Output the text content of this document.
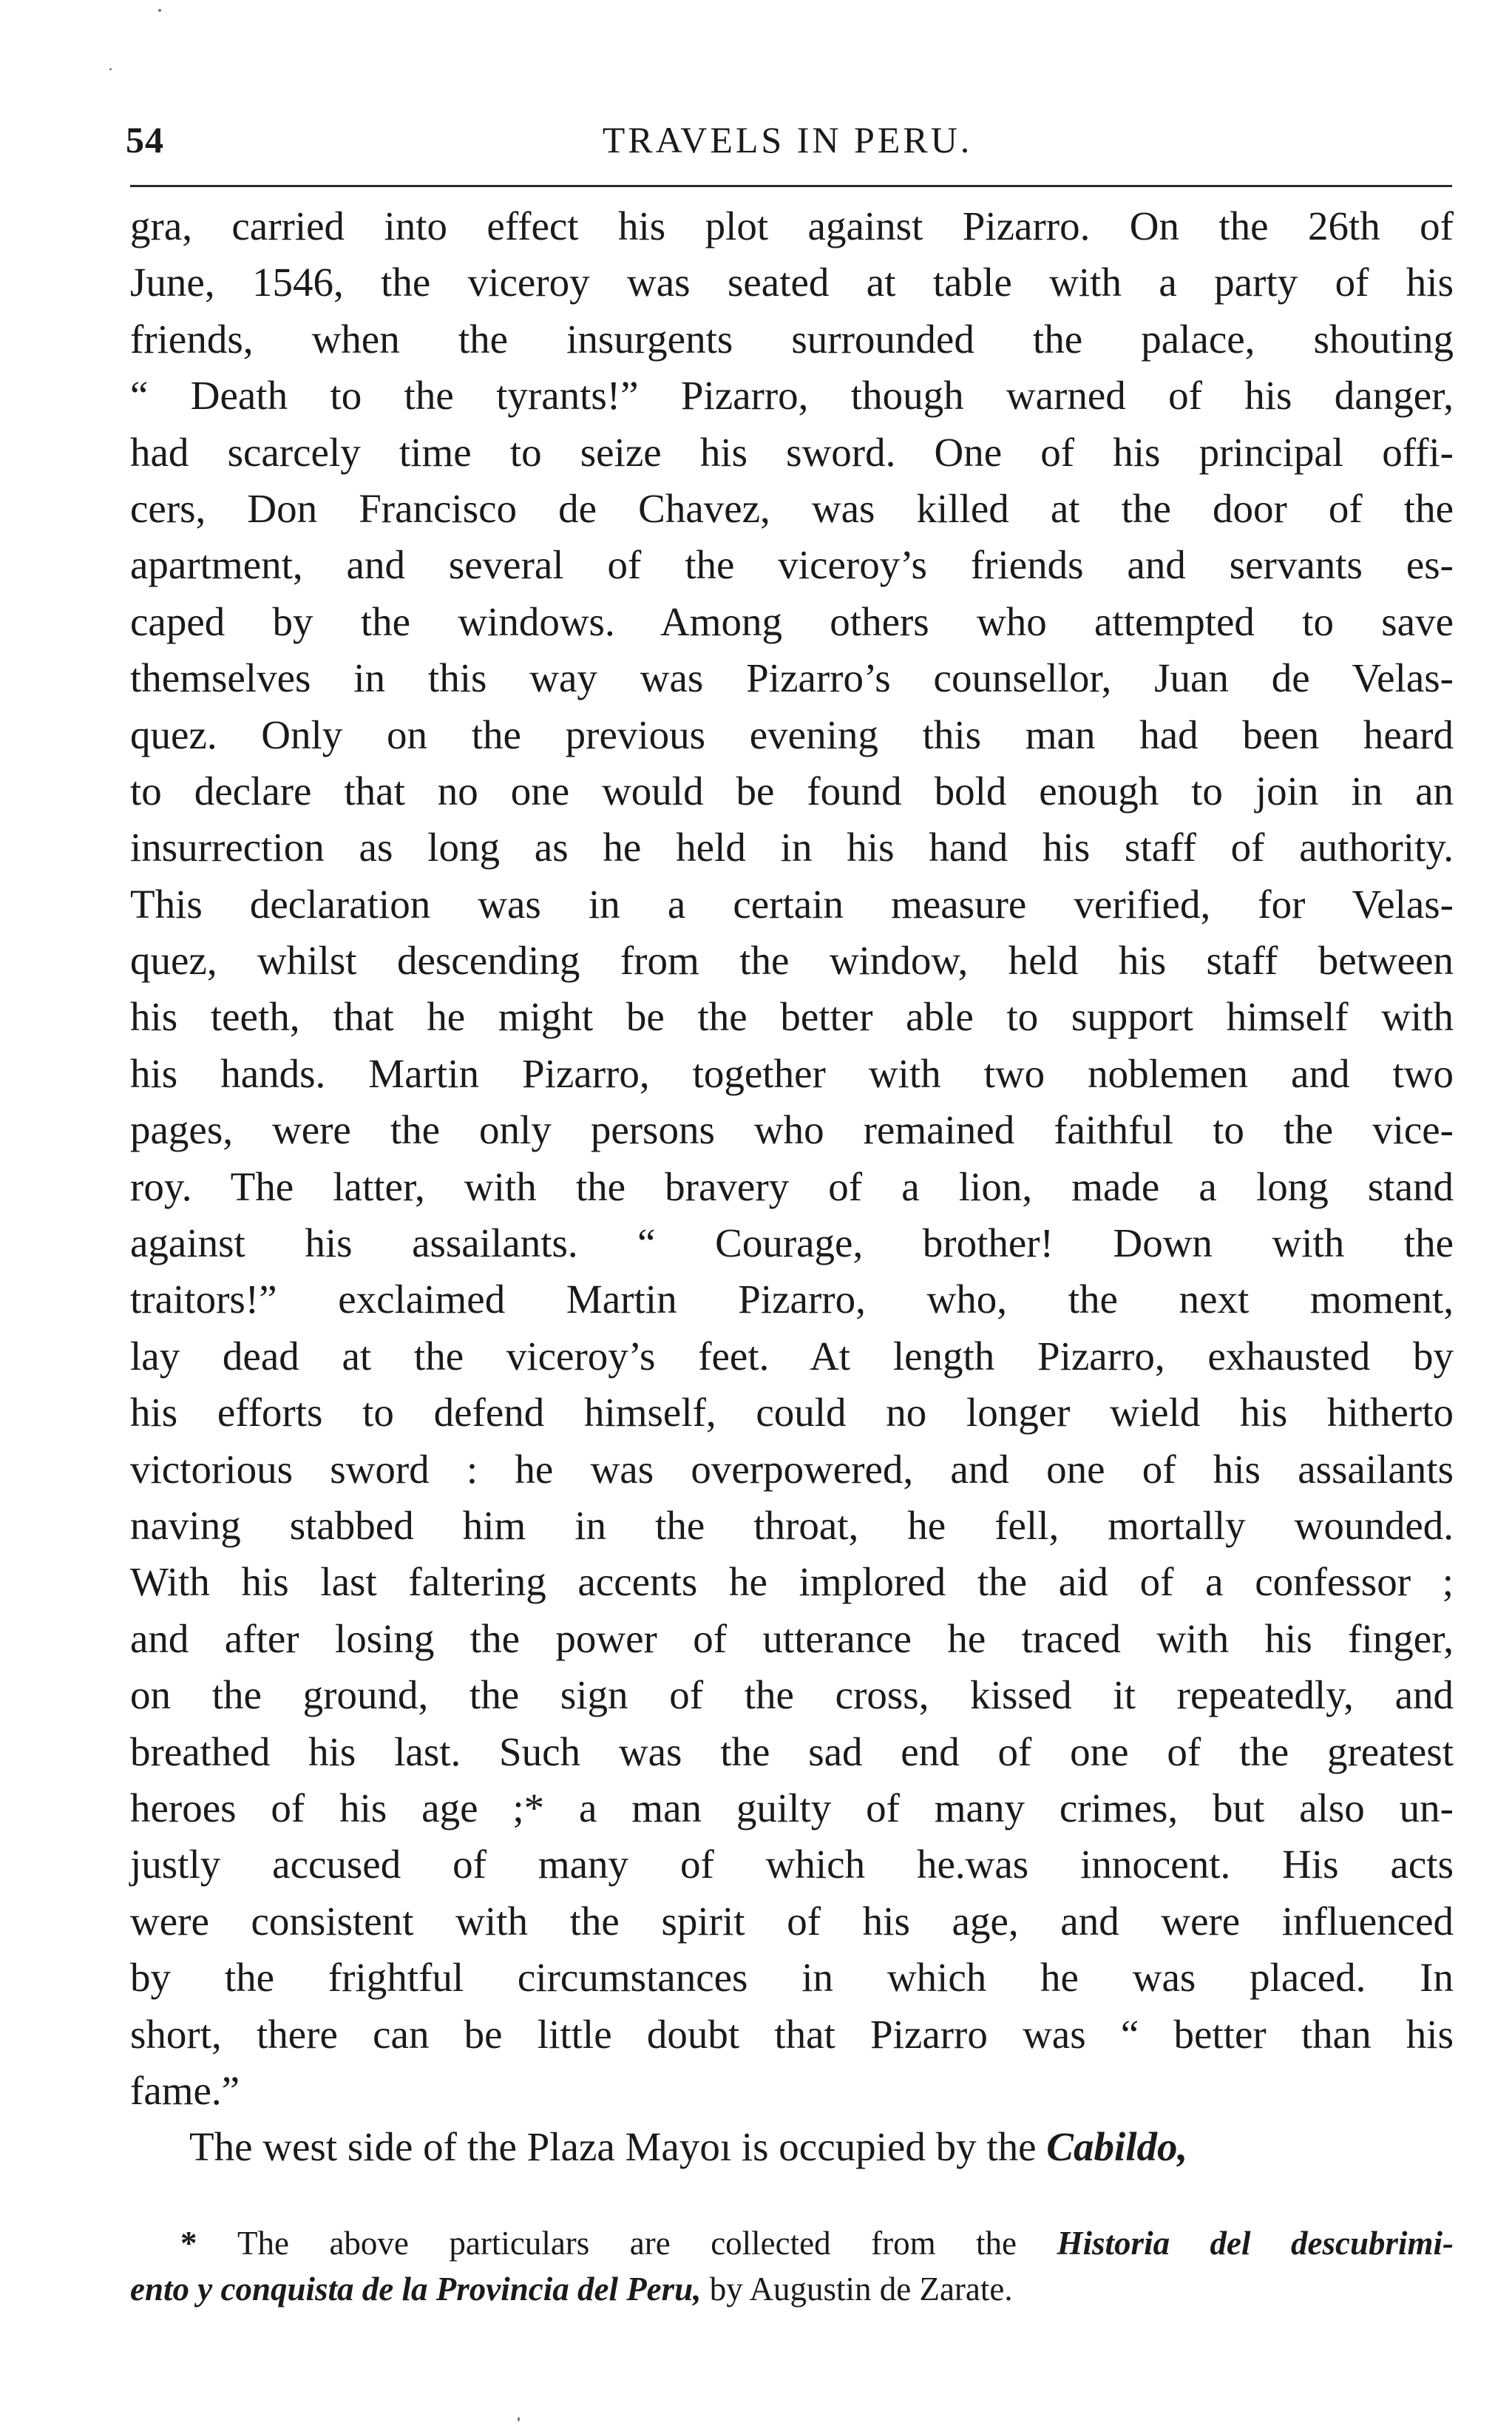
54	TRAVELS IN PERU.
gra, carried into effect his plot against Pizarro. On the 26th of
June, 1546, the viceroy was seated at table with a party of his
friends, when the insurgents surrounded the palace, shouting
“ Death to the tyrants!” Pizarro, though warned of his danger,
had scarcely time to seize his sword. One of his principal offi-
cers, Don Francisco de Chavez, was killed at the door of the
apartment, and several of the viceroy’s friends and servants es-
caped by the windows. Among others who attempted to save
themselves in this way was Pizarro’s counsellor, Juan de Velas-
quez. Only on the previous evening this man had been heard
to declare that no one would be found bold enough to join in an
insurrection as long as he held in his hand his staff of authority.
This declaration was in a certain measure verified, for Velas-
quez, whilst descending from the window, held his staff between
his teeth, that he might be the better able to support himself with
his hands. Martin Pizarro, together with two noblemen and two
pages, were the only persons who remained faithful to the vice-
roy. The latter, with the bravery of a lion, made a long stand
against his assailants. “ Courage, brother! Down with the
traitors!” exclaimed Martin Pizarro, who, the next moment,
lay dead at the viceroy’s feet. At length Pizarro, exhausted by
his efforts to defend himself, could no longer wield his hitherto
victorious sword : he was overpowered, and one of his assailants
naving stabbed him in the throat, he fell, mortally wounded.
With his last faltering accents he implored the aid of a confessor ;
and after losing the power of utterance he traced with his finger,
on the ground, the sign of the cross, kissed it repeatedly, and
breathed his last. Such was the sad end of one of the greatest
heroes of his age ;* a man guilty of many crimes, but also un-
justly accused of many of which he.was innocent. His acts
were consistent with the spirit of his age, and were influenced
by the frightful circumstances in which he was placed. In
short, there can be little doubt that Pizarro was “ better than his
fame.”
The west side of the Plaza Mayoı is occupied by the Cabildo,
* The above particulars are collected from the Historia del descubrimi-
ento y conquista de la Provincia del Peru, by Augustin de Zarate.
